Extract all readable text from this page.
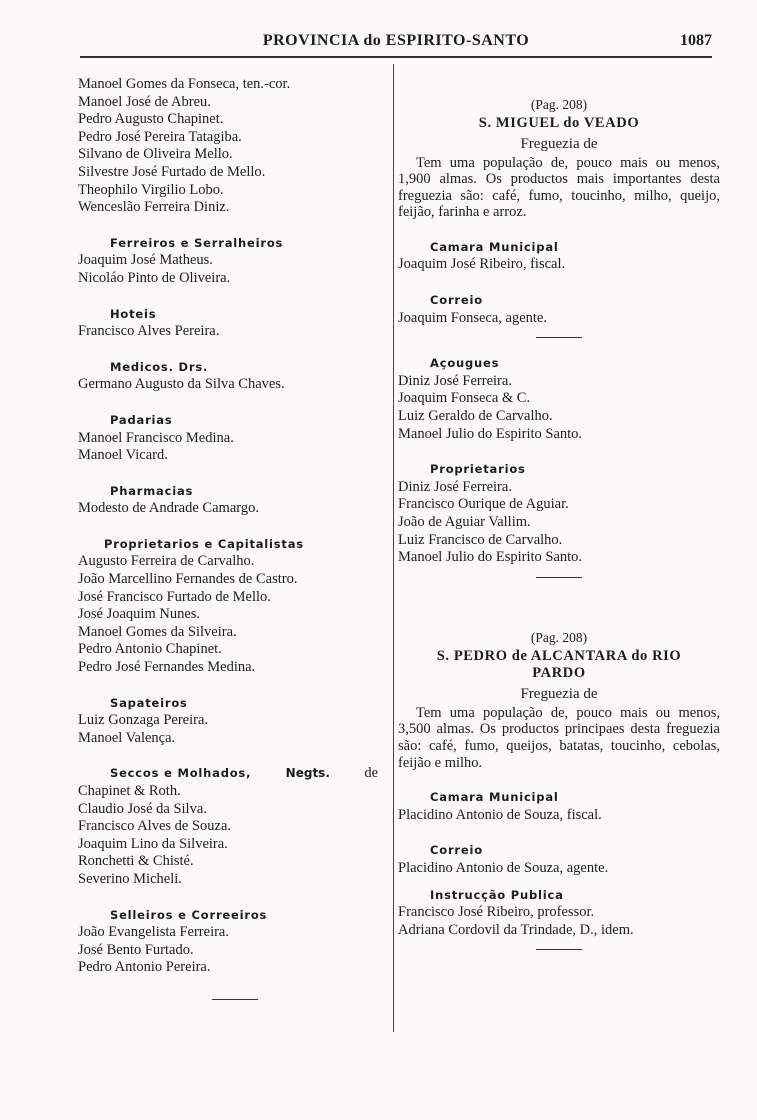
PROVINCIA do ESPIRITO-SANTO	1087
Manoel Gomes da Fonseca, ten.-cor.
Manoel José de Abreu.
Pedro Augusto Chapinet.
Pedro José Pereira Tatagiba.
Silvano de Oliveira Mello.
Silvestre José Furtado de Mello.
Theophilo Virgilio Lobo.
Wenceslão Ferreira Diniz.
Ferreiros e Serralheiros
Joaquim José Matheus.
Nicoláo Pinto de Oliveira.
Hoteis
Francisco Alves Pereira.
Medicos. Drs.
Germano Augusto da Silva Chaves.
Padarias
Manoel Francisco Medina.
Manoel Vicard.
Pharmacias
Modesto de Andrade Camargo.
Proprietarios e Capitalistas
Augusto Ferreira de Carvalho.
João Marcellino Fernandes de Castro.
José Francisco Furtado de Mello.
José Joaquim Nunes.
Manoel Gomes da Silveira.
Pedro Antonio Chapinet.
Pedro José Fernandes Medina.
Sapateiros
Luiz Gonzaga Pereira.
Manoel Valença.
Seccos e Molhados,	Negts. de
Chapinet & Roth.
Claudio José da Silva.
Francisco Alves de Souza.
Joaquim Lino da Silveira.
Ronchetti & Chisté.
Severino Micheli.
Selleiros e Correeiros
João Evangelista Ferreira.
José Bento Furtado.
Pedro Antonio Pereira.
(Pag. 208)
S. MIGUEL do VEADO
Freguezia de
Tem uma população de, pouco mais ou menos, 1,900 almas. Os productos mais importantes desta freguezia são: café, fumo, toucinho, milho, queijo, feijão, farinha e arroz.
Camara Municipal
Joaquim José Ribeiro, fiscal.
Correio
Joaquim Fonseca, agente.
Açougues
Diniz José Ferreira.
Joaquim Fonseca & C.
Luiz Geraldo de Carvalho.
Manoel Julio do Espirito Santo.
Proprietarios
Diniz José Ferreira.
Francisco Ourique de Aguiar.
João de Aguiar Vallim.
Luiz Francisco de Carvalho.
Manoel Julio do Espirito Santo.
(Pag. 208)
S. PEDRO de ALCANTARA do RIO
PARDO
Freguezia de
Tem uma população de, pouco mais ou menos, 3,500 almas. Os productos principaes desta freguezia são: café, fumo, queijos, batatas, toucinho, cebolas, feijão e milho.
Camara Municipal
Placidino Antonio de Souza, fiscal.
Correio
Placidino Antonio de Souza, agente.
Instrucção Publica
Francisco José Ribeiro, professor.
Adriana Cordovil da Trindade, D., idem.
